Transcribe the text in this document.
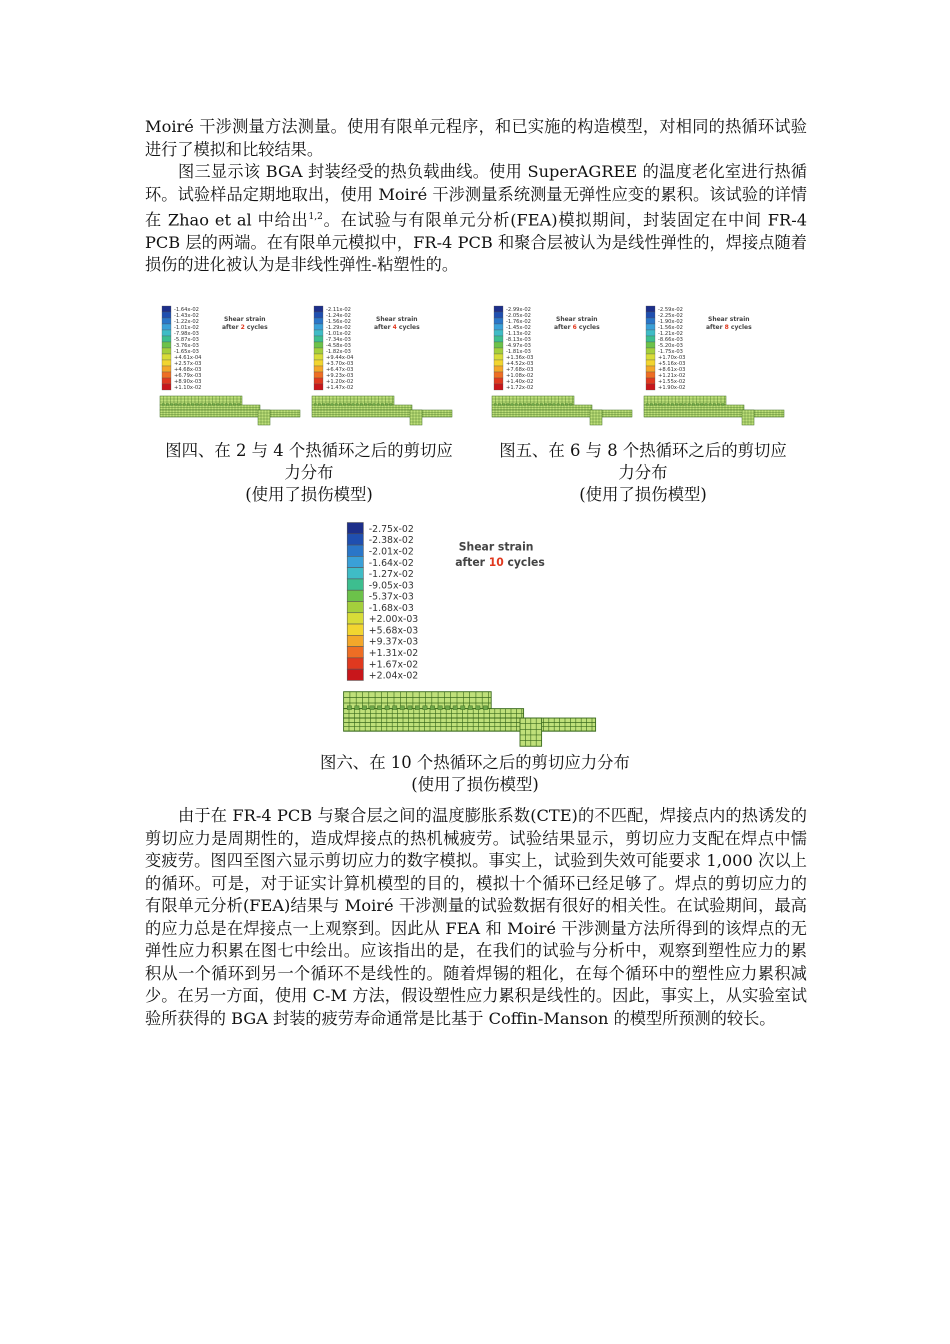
Moiré 干涉测量方法测量。使用有限单元程序，和已实施的构造模型，对相同的热循环试验进行了模拟和比较结果。

图三显示该 BGA 封装经受的热负载曲线。使用 SuperAGREE 的温度老化室进行热循环。试验样品定期地取出，使用 Moiré 干涉测量系统测量无弹性应变的累积。该试验的详情在 Zhao et al 中给出$^{1,2}$。在试验与有限单元分析(FEA)模拟期间，封装固定在中间 FR-4 PCB 层的两端。在有限单元模拟中，FR-4 PCB 和聚合层被认为是线性弹性的，焊接点随着损伤的进化被认为是非线性弹性-粘塑性的。

-1.64x-02
-1.43x-02
-1.22x-02
-1.01x-02
-7.98x-03
-5.87x-03
-3.76x-03
-1.65x-03
+4.61x-04
+2.57x-03
+4.68x-03
+6.79x-03
+8.90x-03
+1.10x-02
Shear strain
after 2 cycles
-2.11x-02
-1.24x-02
-1.56x-02
-1.29x-02
-1.01x-02
-7.34x-03
-4.58x-03
-1.82x-03
+9.44x-04
+3.70x-03
+6.47x-03
+9.23x-03
+1.20x-02
+1.47x-02
Shear strain
after 4 cycles
-2.99x-02
-2.05x-02
-1.76x-02
-1.45x-02
-1.13x-02
-8.13x-03
-4.97x-03
-1.81x-03
+1.36x-03
+4.52x-03
+7.68x-03
+1.08x-02
+1.40x-02
+1.72x-02
Shear strain
after 6 cycles
-2.59x-02
-2.25x-02
-1.90x-02
-1.56x-02
-1.21x-02
-8.66x-03
-5.20x-03
-1.75x-03
+1.70x-03
+5.16x-03
+8.61x-03
+1.21x-02
+1.55x-02
+1.90x-02
Shear strain
after 8 cycles
-2.75x-02
-2.38x-02
-2.01x-02
-1.64x-02
-1.27x-02
-9.05x-03
-5.37x-03
-1.68x-03
+2.00x-03
+5.68x-03
+9.37x-03
+1.31x-02
+1.67x-02
+2.04x-02
Shear strain
after 10 cycles
图四、在 2 与 4 个热循环之后的剪切应
力分布
(使用了损伤模型)
图五、在 6 与 8 个热循环之后的剪切应
力分布
(使用了损伤模型)
图六、在 10 个热循环之后的剪切应力分布
(使用了损伤模型)

由于在 FR-4 PCB 与聚合层之间的温度膨胀系数(CTE)的不匹配，焊接点内的热诱发的剪切应力是周期性的，造成焊接点的热机械疲劳。试验结果显示，剪切应力支配在焊点中懦变疲劳。图四至图六显示剪切应力的数字模拟。事实上，试验到失效可能要求 1,000 次以上的循环。可是，对于证实计算机模型的目的，模拟十个循环已经足够了。焊点的剪切应力的有限单元分析(FEA)结果与 Moiré 干涉测量的试验数据有很好的相关性。在试验期间，最高的应力总是在焊接点一上观察到。因此从 FEA 和 Moiré 干涉测量方法所得到的该焊点的无弹性应力积累在图七中绘出。应该指出的是，在我们的试验与分析中，观察到塑性应力的累积从一个循环到另一个循环不是线性的。随着焊锡的粗化，在每个循环中的塑性应力累积减少。在另一方面，使用 C-M 方法，假设塑性应力累积是线性的。因此，事实上，从实验室试验所获得的 BGA 封装的疲劳寿命通常是比基于 Coffin-Manson 的模型所预测的较长。
